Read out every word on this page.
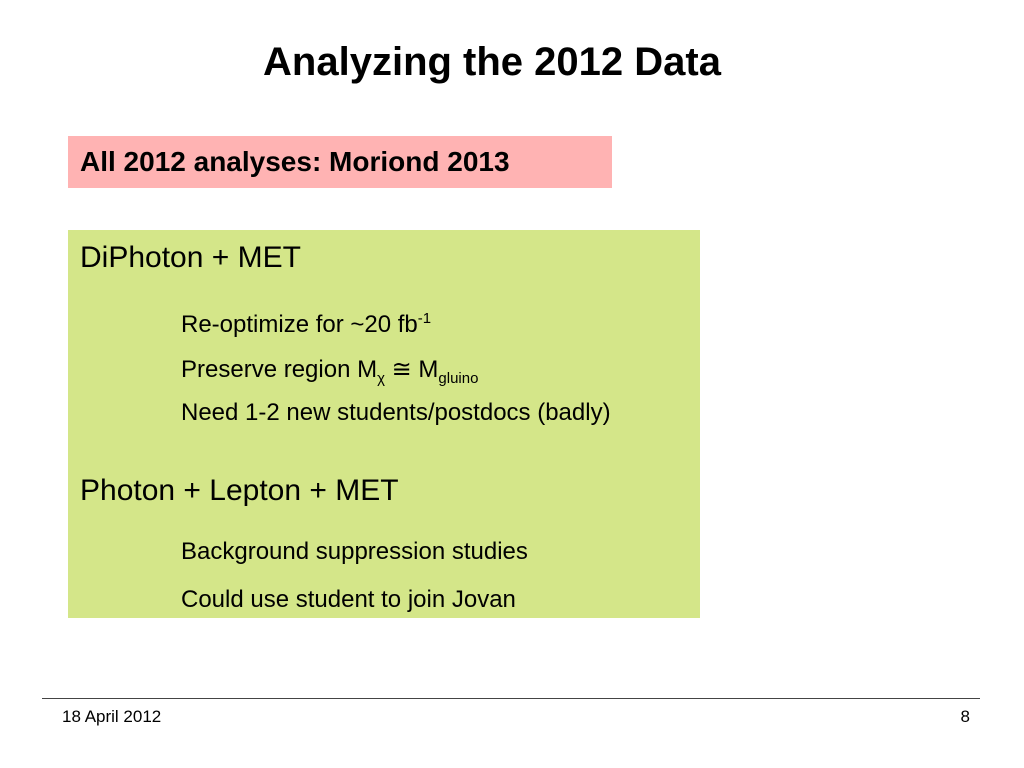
Analyzing the 2012 Data
All 2012 analyses: Moriond 2013
DiPhoton + MET
Re-optimize for ~20 $fb^{-1}$
Preserve region $M_\chi$ ≅ $M_{gluino}$
Need 1-2 new students/postdocs (badly)
Photon + Lepton + MET
Background suppression studies
Could use student to join Jovan
18 April 2012	8
